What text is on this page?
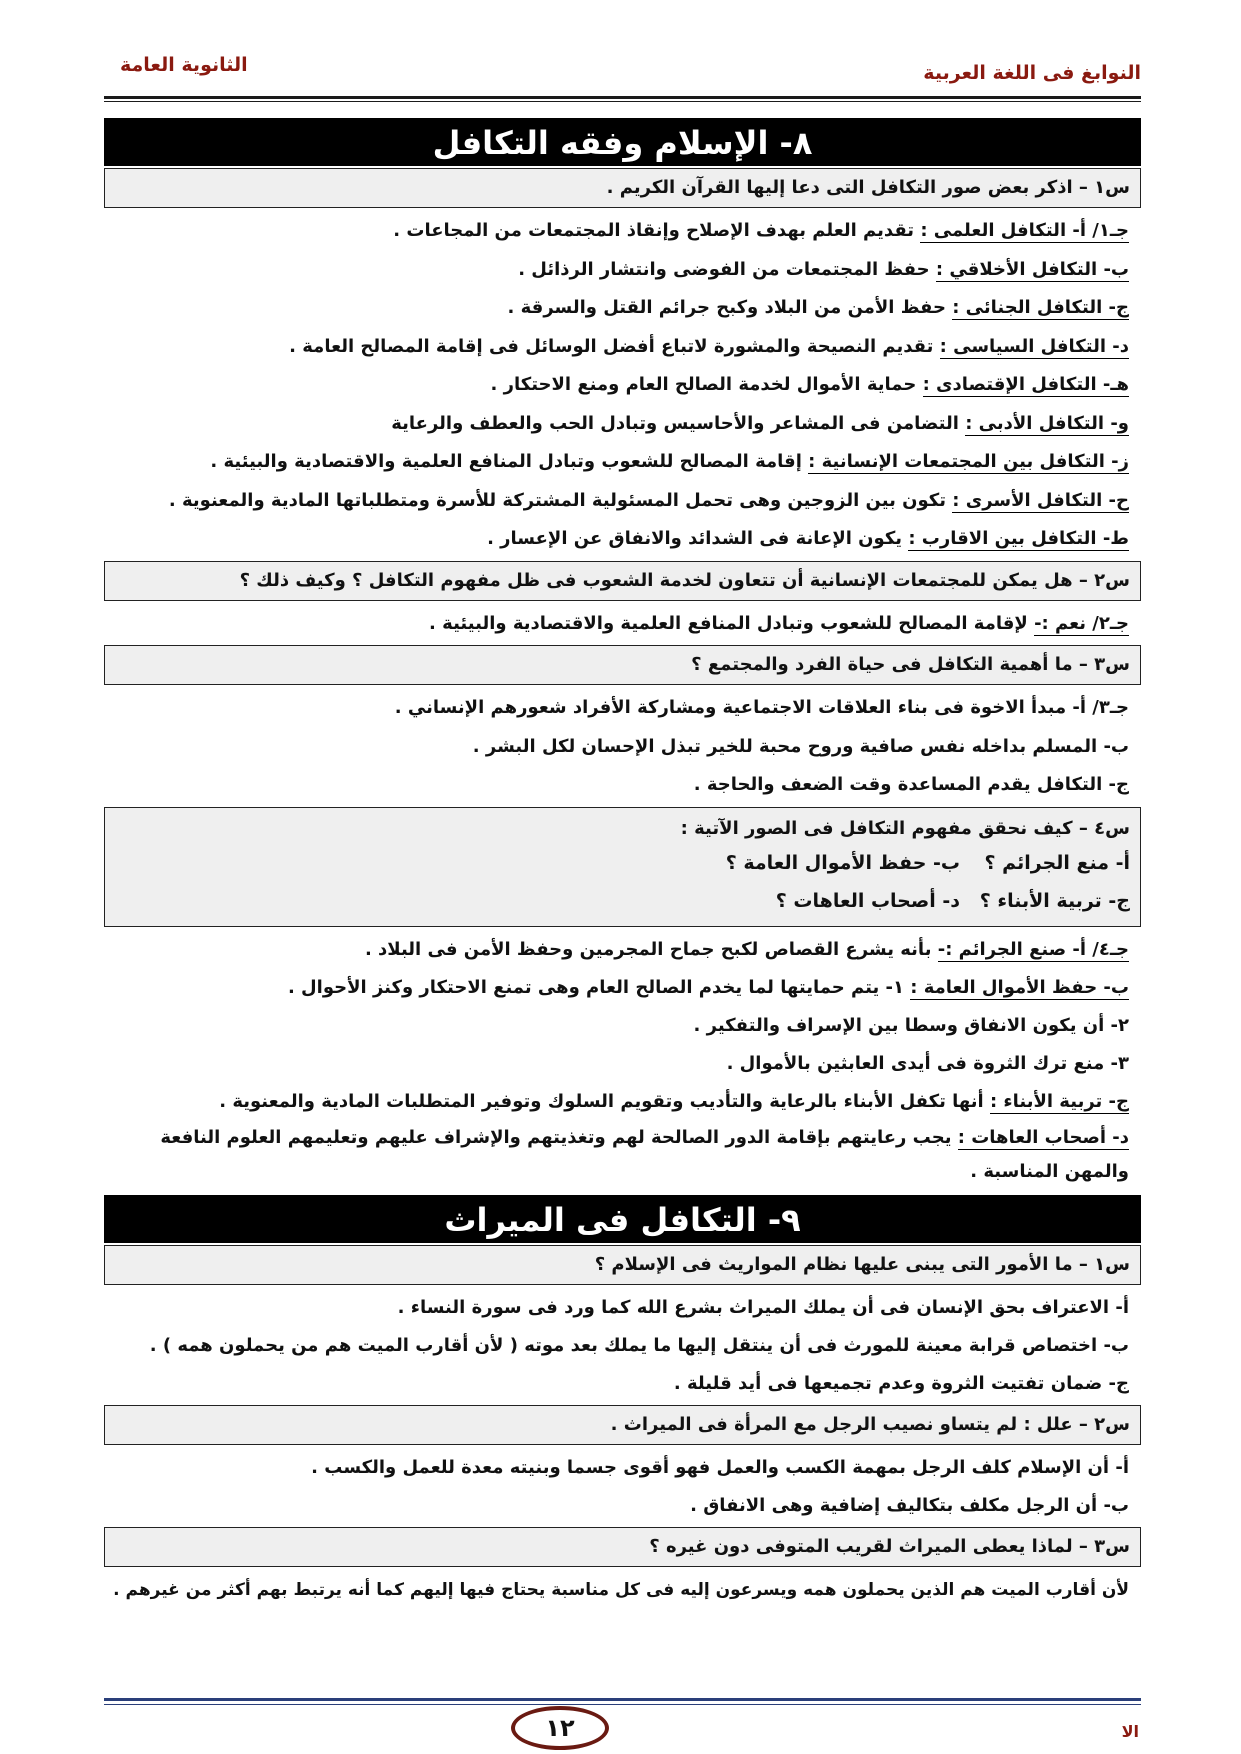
النوابغ فى اللغة العربية
الثانوية العامة
٨- الإسلام وفقه التكافل
س١ – اذكر بعض صور التكافل التى دعا إليها القرآن الكريم .
جـ١/ أ- التكافل العلمى : تقديم العلم بهدف الإصلاح وإنقاذ المجتمعات من المجاعات .
ب- التكافل الأخلاقي : حفظ المجتمعات من الفوضى وانتشار الرذائل .
ج- التكافل الجنائى : حفظ الأمن من البلاد وكبح جرائم القتل والسرقة .
د- التكافل السياسى : تقديم النصيحة والمشورة لاتباع أفضل الوسائل فى إقامة المصالح العامة .
هـ- التكافل الإقتصادى : حماية الأموال لخدمة الصالح العام ومنع الاحتكار .
و- التكافل الأدبى : التضامن فى المشاعر والأحاسيس وتبادل الحب والعطف والرعاية
ز- التكافل بين المجتمعات الإنسانية : إقامة المصالح للشعوب وتبادل المنافع العلمية والاقتصادية والبيئية .
ح- التكافل الأسرى : تكون بين الزوجين وهى تحمل المسئولية المشتركة للأسرة ومتطلباتها المادية والمعنوية .
ط- التكافل بين الاقارب : يكون الإعانة فى الشدائد والانفاق عن الإعسار .
س٢ – هل يمكن للمجتمعات الإنسانية أن تتعاون لخدمة الشعوب فى ظل مفهوم التكافل ؟ وكيف ذلك ؟
جـ٢/ نعم :- لإقامة المصالح للشعوب وتبادل المنافع العلمية والاقتصادية والبيئية .
س٣ – ما أهمية التكافل فى حياة الفرد والمجتمع ؟
جـ٣/ أ- مبدأ الاخوة فى بناء العلاقات الاجتماعية ومشاركة الأفراد شعورهم الإنساني .
ب- المسلم بداخله نفس صافية وروح محبة للخير تبذل الإحسان لكل البشر .
ج- التكافل يقدم المساعدة وقت الضعف والحاجة .
س٤ – كيف نحقق مفهوم التكافل فى الصور الآتية :
أ- منع الجرائم ؟
ب- حفظ الأموال العامة ؟
ج- تربية الأبناء ؟
د- أصحاب العاهات ؟
جـ٤/ أ- صنع الجرائم :- بأنه يشرع القصاص لكبح جماح المجرمين وحفظ الأمن فى البلاد .
ب- حفظ الأموال العامة : ١- يتم حمايتها لما يخدم الصالح العام وهى تمنع الاحتكار وكنز الأحوال .
٢- أن يكون الانفاق وسطا بين الإسراف والتفكير .
٣- منع ترك الثروة فى أيدى العابثين بالأموال .
ج- تربية الأبناء : أنها تكفل الأبناء بالرعاية والتأديب وتقويم السلوك وتوفير المتطلبات المادية والمعنوية .
د- أصحاب العاهات : يجب رعايتهم بإقامة الدور الصالحة لهم وتغذيتهم والإشراف عليهم وتعليمهم العلوم النافعة والمهن المناسبة .
٩- التكافل فى الميراث
س١ – ما الأمور التى يبنى عليها نظام المواريث فى الإسلام ؟
أ- الاعتراف بحق الإنسان فى أن يملك الميراث بشرع الله كما ورد فى سورة النساء .
ب- اختصاص قرابة معينة للمورث فى أن ينتقل إليها ما يملك بعد موته ( لأن أقارب الميت هم من يحملون همه ) .
ج- ضمان تفتيت الثروة وعدم تجميعها فى أيد قليلة .
س٢ – علل : لم يتساو نصيب الرجل مع المرأة فى الميراث .
أ- أن الإسلام كلف الرجل بمهمة الكسب والعمل فهو أقوى جسما وبنيته معدة للعمل والكسب .
ب- أن الرجل مكلف بتكاليف إضافية وهى الانفاق .
س٣ – لماذا يعطى الميراث لقريب المتوفى دون غيره ؟
لأن أقارب الميت هم الذين يحملون همه ويسرعون إليه فى كل مناسبة يحتاج فيها إليهم كما أنه يرتبط بهم أكثر من غيرهم .
١٢	الا
